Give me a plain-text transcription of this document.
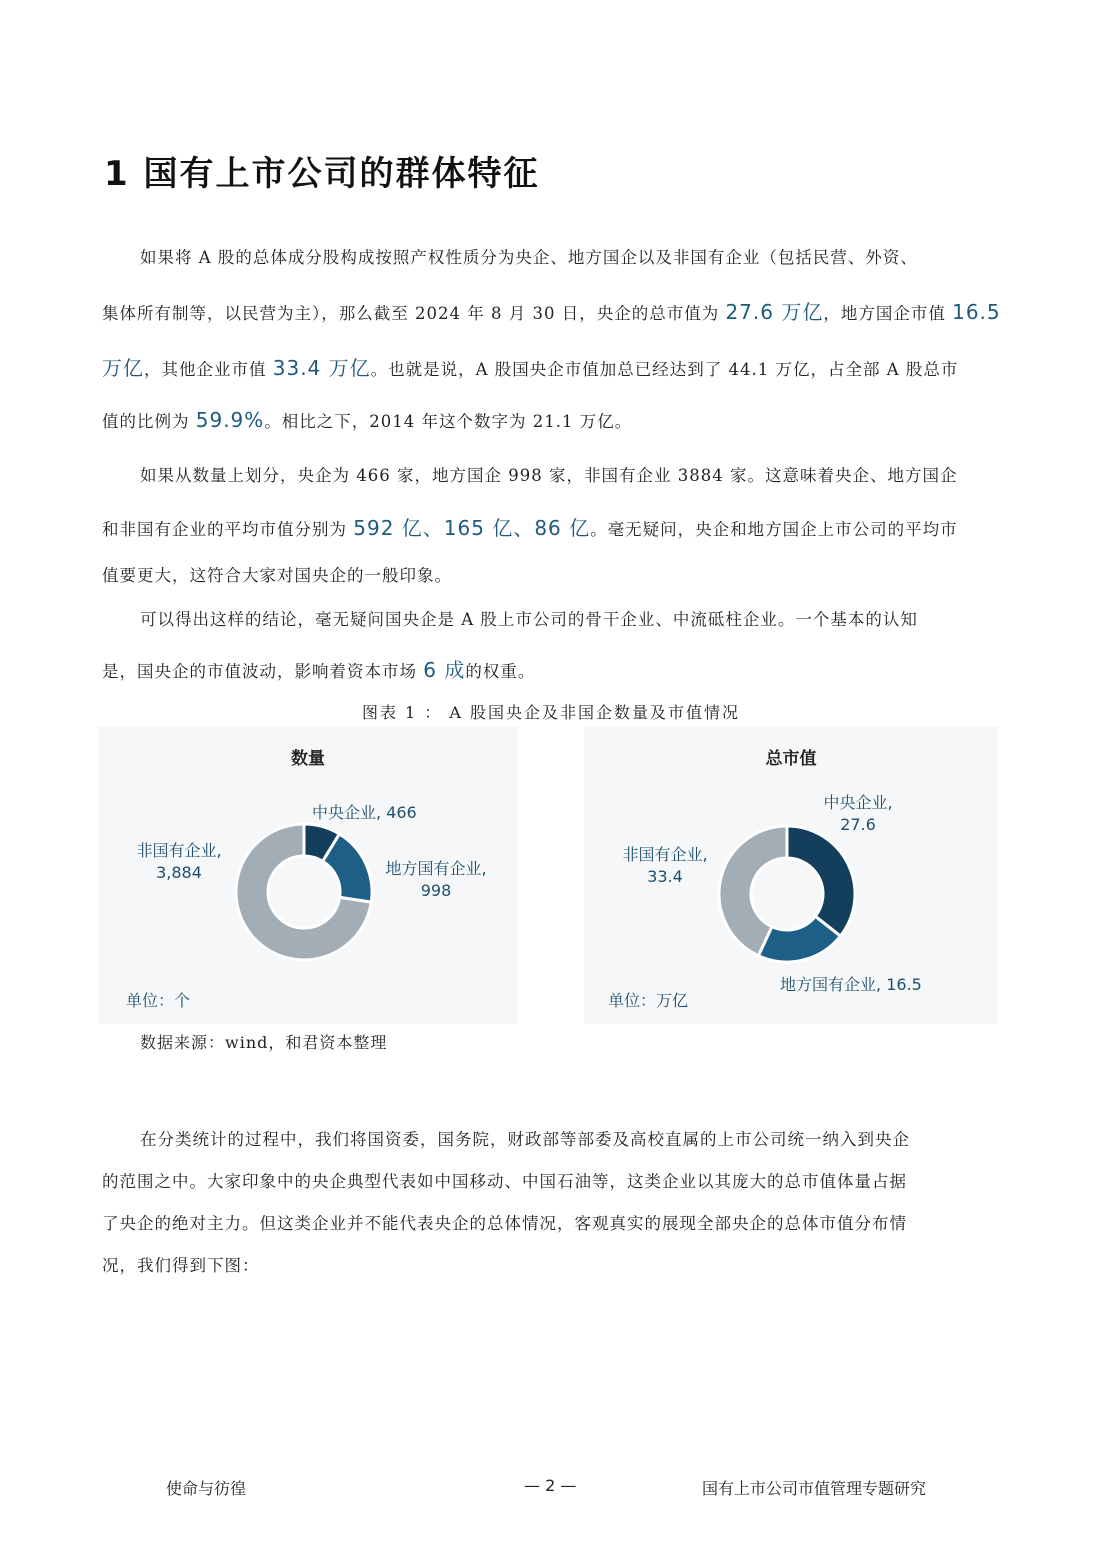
1 国有上市公司的群体特征
如果将 A 股的总体成分股构成按照产权性质分为央企、地方国企以及非国有企业（包括民营、外资、
集体所有制等，以民营为主），那么截至 2024 年 8 月 30 日，央企的总市值为 27.6 万亿，地方国企市值 16.5
万亿，其他企业市值 33.4 万亿。也就是说，A 股国央企市值加总已经达到了 44.1 万亿，占全部 A 股总市
值的比例为 59.9%。相比之下，2014 年这个数字为 21.1 万亿。
如果从数量上划分，央企为 466 家，地方国企 998 家，非国有企业 3884 家。这意味着央企、地方国企
和非国有企业的平均市值分别为 592 亿、165 亿、86 亿。毫无疑问，央企和地方国企上市公司的平均市
值要更大，这符合大家对国央企的一般印象。
可以得出这样的结论，毫无疑问国央企是 A 股上市公司的骨干企业、中流砥柱企业。一个基本的认知
是，国央企的市值波动，影响着资本市场 6 成的权重。
图表 1 ： A 股国央企及非国企数量及市值情况
数量
中央企业, 466
地方国有企业,
998
非国有企业,
3,884
单位：个
总市值
中央企业,
27.6
地方国有企业, 16.5
非国有企业,
33.4
单位：万亿
数据来源：wind，和君资本整理
在分类统计的过程中，我们将国资委，国务院，财政部等部委及高校直属的上市公司统一纳入到央企
的范围之中。大家印象中的央企典型代表如中国移动、中国石油等，这类企业以其庞大的总市值体量占据
了央企的绝对主力。但这类企业并不能代表央企的总体情况，客观真实的展现全部央企的总体市值分布情
况，我们得到下图：
使命与彷徨	— 2 —	国有上市公司市值管理专题研究
